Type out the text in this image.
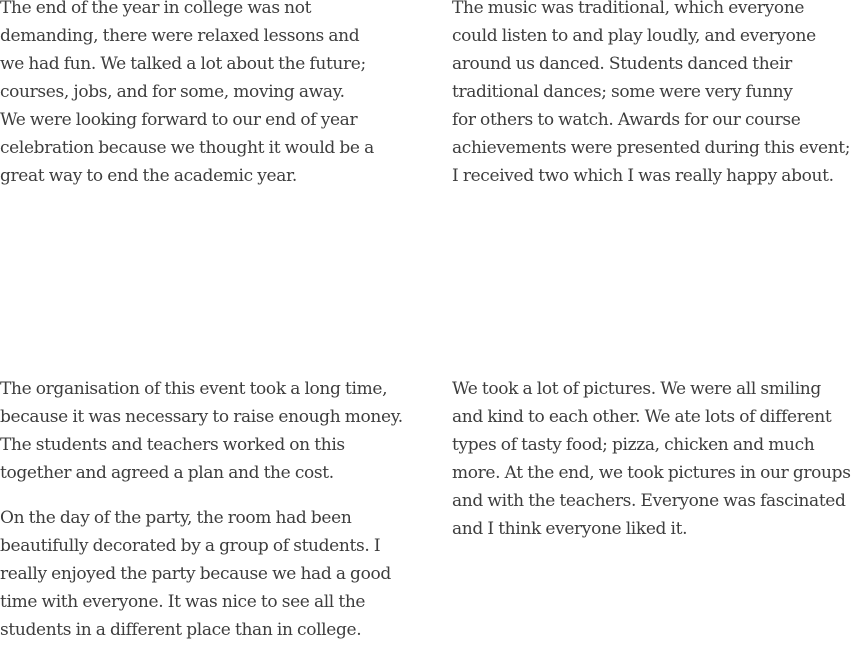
The end of the year in college was not
demanding, there were relaxed lessons and
we had fun. We talked a lot about the future;
courses, jobs, and for some, moving away.
We were looking forward to our end of year
celebration because we thought it would be a
great way to end the academic year.

The music was traditional, which everyone
could listen to and play loudly, and everyone
around us danced. Students danced their
traditional dances; some were very funny
for others to watch. Awards for our course
achievements were presented during this event;
I received two which I was really happy about.

The organisation of this event took a long time,
because it was necessary to raise enough money.
The students and teachers worked on this
together and agreed a plan and the cost.

On the day of the party, the room had been
beautifully decorated by a group of students. I
really enjoyed the party because we had a good
time with everyone. It was nice to see all the
students in a different place than in college.

We took a lot of pictures. We were all smiling
and kind to each other. We ate lots of different
types of tasty food; pizza, chicken and much
more. At the end, we took pictures in our groups
and with the teachers. Everyone was fascinated
and I think everyone liked it.
